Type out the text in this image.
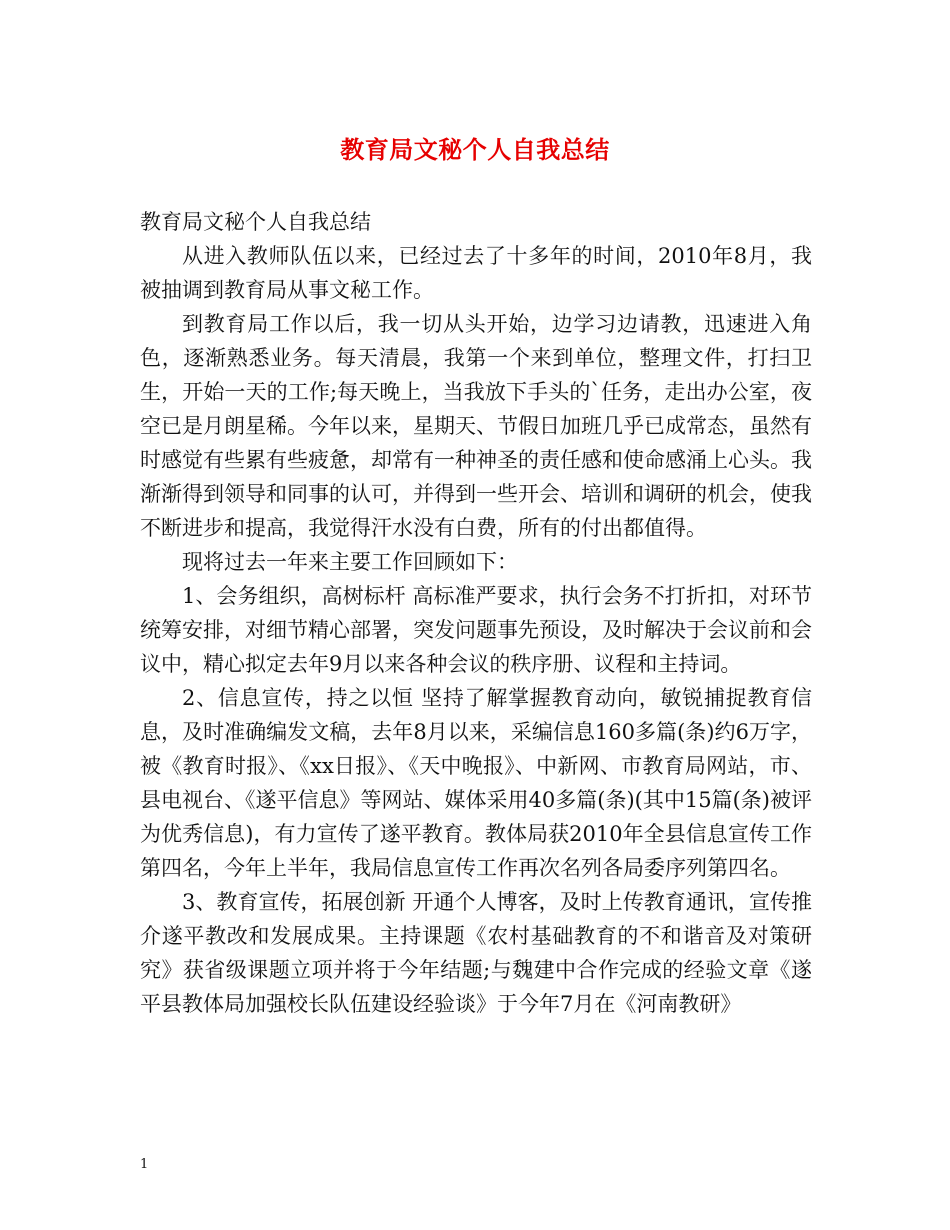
教育局文秘个人自我总结

教育局文秘个人自我总结

从进入教师队伍以来，已经过去了十多年的时间，2010年8月，我被抽调到教育局从事文秘工作。

到教育局工作以后，我一切从头开始，边学习边请教，迅速进入角色，逐渐熟悉业务。每天清晨，我第一个来到单位，整理文件，打扫卫生，开始一天的工作;每天晚上，当我放下手头的`任务，走出办公室，夜空已是月朗星稀。今年以来，星期天、节假日加班几乎已成常态，虽然有时感觉有些累有些疲惫，却常有一种神圣的责任感和使命感涌上心头。我渐渐得到领导和同事的认可，并得到一些开会、培训和调研的机会，使我不断进步和提高，我觉得汗水没有白费，所有的付出都值得。

现将过去一年来主要工作回顾如下：

1、会务组织，高树标杆 高标准严要求，执行会务不打折扣，对环节统筹安排，对细节精心部署，突发问题事先预设，及时解决于会议前和会议中，精心拟定去年9月以来各种会议的秩序册、议程和主持词。

2、信息宣传，持之以恒 坚持了解掌握教育动向，敏锐捕捉教育信息，及时准确编发文稿，去年8月以来，采编信息160多篇(条)约6万字，被《教育时报》、《xx日报》、《天中晚报》、中新网、市教育局网站，市、县电视台、《遂平信息》等网站、媒体采用40多篇(条)(其中15篇(条)被评为优秀信息)，有力宣传了遂平教育。教体局获2010年全县信息宣传工作第四名，今年上半年，我局信息宣传工作再次名列各局委序列第四名。

3、教育宣传，拓展创新 开通个人博客，及时上传教育通讯，宣传推介遂平教改和发展成果。主持课题《农村基础教育的不和谐音及对策研究》获省级课题立项并将于今年结题;与魏建中合作完成的经验文章《遂平县教体局加强校长队伍建设经验谈》于今年7月在《河南教研》

1
